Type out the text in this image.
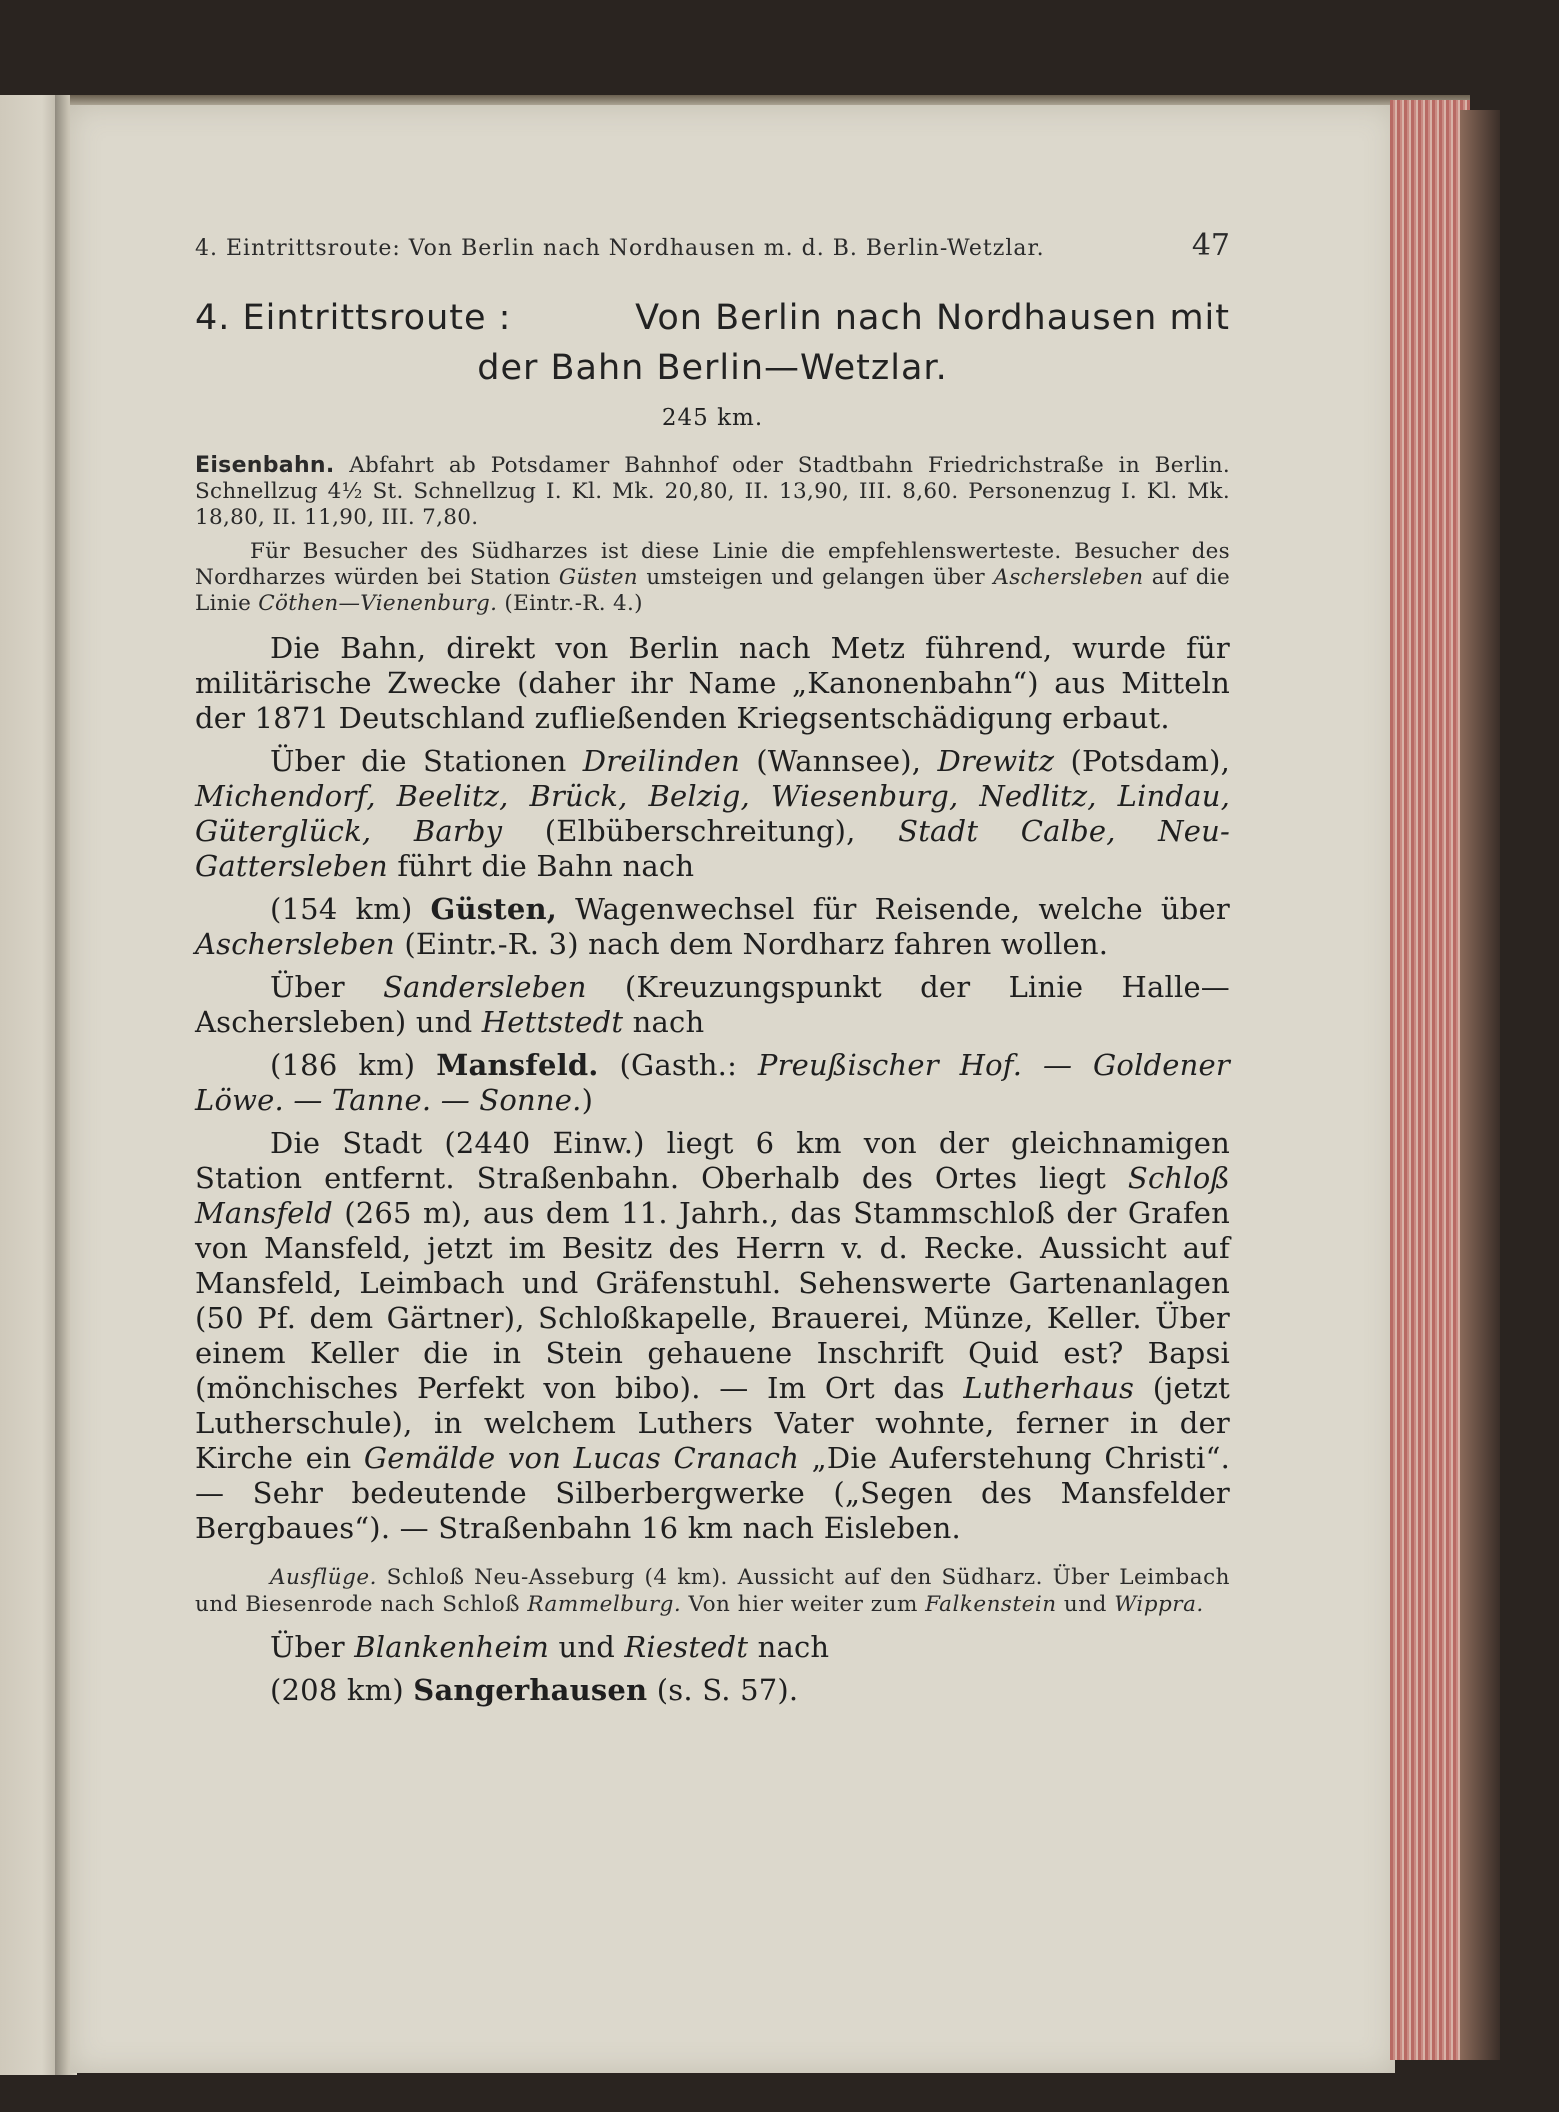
4. Eintrittsroute: Von Berlin nach Nordhausen m. d. B. Berlin-Wetzlar.	47
4. Eintrittsroute :	Von Berlin nach Nordhausen mit
der Bahn Berlin—Wetzlar.
245 km.

Eisenbahn. Abfahrt ab Potsdamer Bahnhof oder Stadtbahn Friedrichstraße in Berlin. Schnellzug 4½ St. Schnellzug I. Kl. Mk. 20,80, II. 13,90, III. 8,60. Personenzug I. Kl. Mk. 18,80, II. 11,90, III. 7,80.

Für Besucher des Südharzes ist diese Linie die empfehlenswerteste. Besucher des Nordharzes würden bei Station Güsten umsteigen und gelangen über Aschersleben auf die Linie Cöthen—Vienenburg. (Eintr.-R. 4.)

Die Bahn, direkt von Berlin nach Metz führend, wurde für militärische Zwecke (daher ihr Name „Kanonenbahn“) aus Mitteln der 1871 Deutschland zufließenden Kriegsentschädigung erbaut.

Über die Stationen Dreilinden (Wannsee), Drewitz (Potsdam), Michendorf, Beelitz, Brück, Belzig, Wiesenburg, Nedlitz, Lindau, Güterglück, Barby (Elbüberschreitung), Stadt Calbe, Neu-Gattersleben führt die Bahn nach

(154 km) Güsten, Wagenwechsel für Reisende, welche über Aschersleben (Eintr.-R. 3) nach dem Nordharz fahren wollen.

Über Sandersleben (Kreuzungspunkt der Linie Halle—Aschersleben) und Hettstedt nach

(186 km) Mansfeld. (Gasth.: Preußischer Hof. — Goldener Löwe. — Tanne. — Sonne.)

Die Stadt (2440 Einw.) liegt 6 km von der gleichnamigen Station entfernt. Straßenbahn. Oberhalb des Ortes liegt Schloß Mansfeld (265 m), aus dem 11. Jahrh., das Stammschloß der Grafen von Mansfeld, jetzt im Besitz des Herrn v. d. Recke. Aussicht auf Mansfeld, Leimbach und Gräfenstuhl. Sehenswerte Gartenanlagen (50 Pf. dem Gärtner), Schloßkapelle, Brauerei, Münze, Keller. Über einem Keller die in Stein gehauene Inschrift Quid est? Bapsi (mönchisches Perfekt von bibo). — Im Ort das Lutherhaus (jetzt Lutherschule), in welchem Luthers Vater wohnte, ferner in der Kirche ein Gemälde von Lucas Cranach „Die Auferstehung Christi“. — Sehr bedeutende Silberbergwerke („Segen des Mansfelder Bergbaues“). — Straßenbahn 16 km nach Eisleben.

Ausflüge. Schloß Neu-Asseburg (4 km). Aussicht auf den Südharz. Über Leimbach und Biesenrode nach Schloß Rammelburg. Von hier weiter zum Falkenstein und Wippra.

Über Blankenheim und Riestedt nach

(208 km) Sangerhausen (s. S. 57).
